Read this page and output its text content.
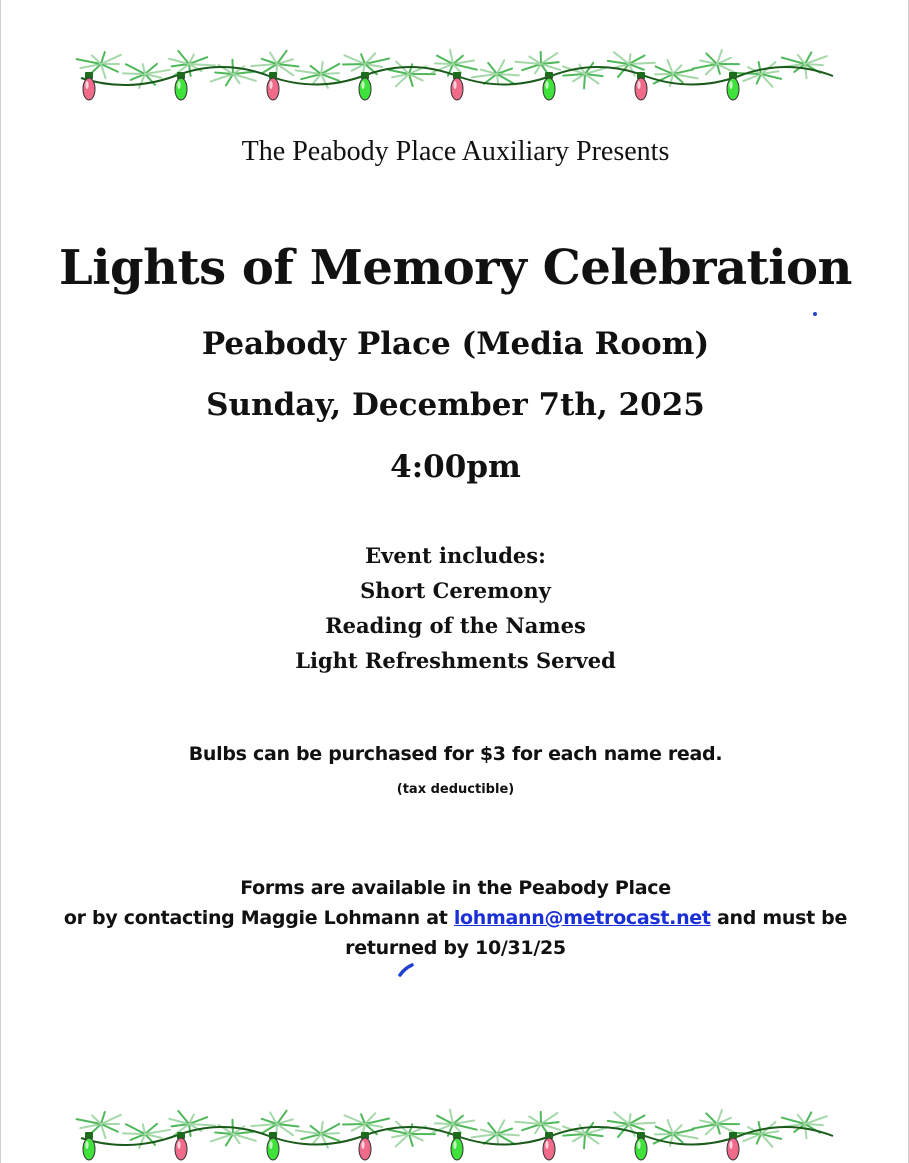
The Peabody Place Auxiliary Presents
Lights of Memory Celebration
Peabody Place (Media Room)
Sunday, December 7th, 2025
4:00pm
Event includes:
Short Ceremony
Reading of the Names
Light Refreshments Served
Bulbs can be purchased for $3 for each name read.
(tax deductible)
Forms are available in the Peabody Place
or by contacting Maggie Lohmann at lohmann@metrocast.net and must be
returned by 10/31/25
